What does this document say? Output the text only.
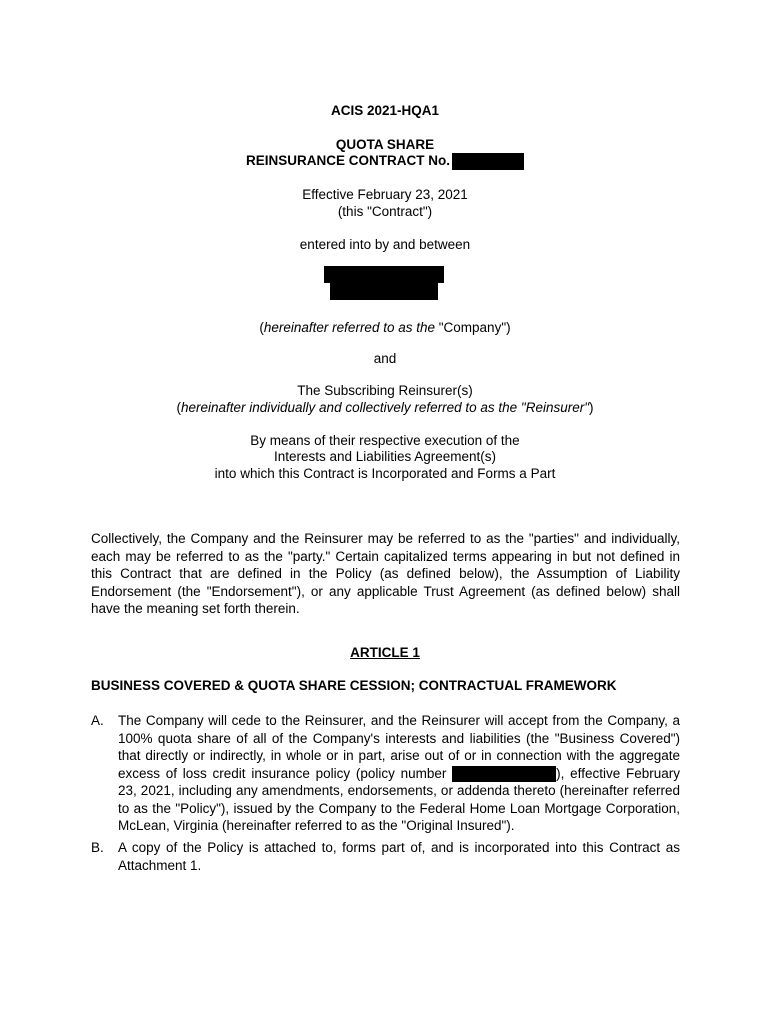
ACIS 2021-HQA1
QUOTA SHARE
REINSURANCE CONTRACT No.
Effective February 23, 2021
(this "Contract")
entered into by and between
(hereinafter referred to as the "Company")
and
The Subscribing Reinsurer(s)
(hereinafter individually and collectively referred to as the "Reinsurer")
By means of their respective execution of the
Interests and Liabilities Agreement(s)
into which this Contract is Incorporated and Forms a Part
Collectively, the Company and the Reinsurer may be referred to as the "parties" and individually, each may be referred to as the "party." Certain capitalized terms appearing in but not defined in this Contract that are defined in the Policy (as defined below), the Assumption of Liability Endorsement (the "Endorsement"), or any applicable Trust Agreement (as defined below) shall have the meaning set forth therein.
ARTICLE 1
BUSINESS COVERED & QUOTA SHARE CESSION; CONTRACTUAL FRAMEWORK
A. The Company will cede to the Reinsurer, and the Reinsurer will accept from the Company, a 100% quota share of all of the Company's interests and liabilities (the "Business Covered") that directly or indirectly, in whole or in part, arise out of or in connection with the aggregate excess of loss credit insurance policy (policy number	), effective February 23, 2021, including any amendments, endorsements, or addenda thereto (hereinafter referred to as the "Policy"), issued by the Company to the Federal Home Loan Mortgage Corporation, McLean, Virginia (hereinafter referred to as the "Original Insured").
B. A copy of the Policy is attached to, forms part of, and is incorporated into this Contract as Attachment 1.
